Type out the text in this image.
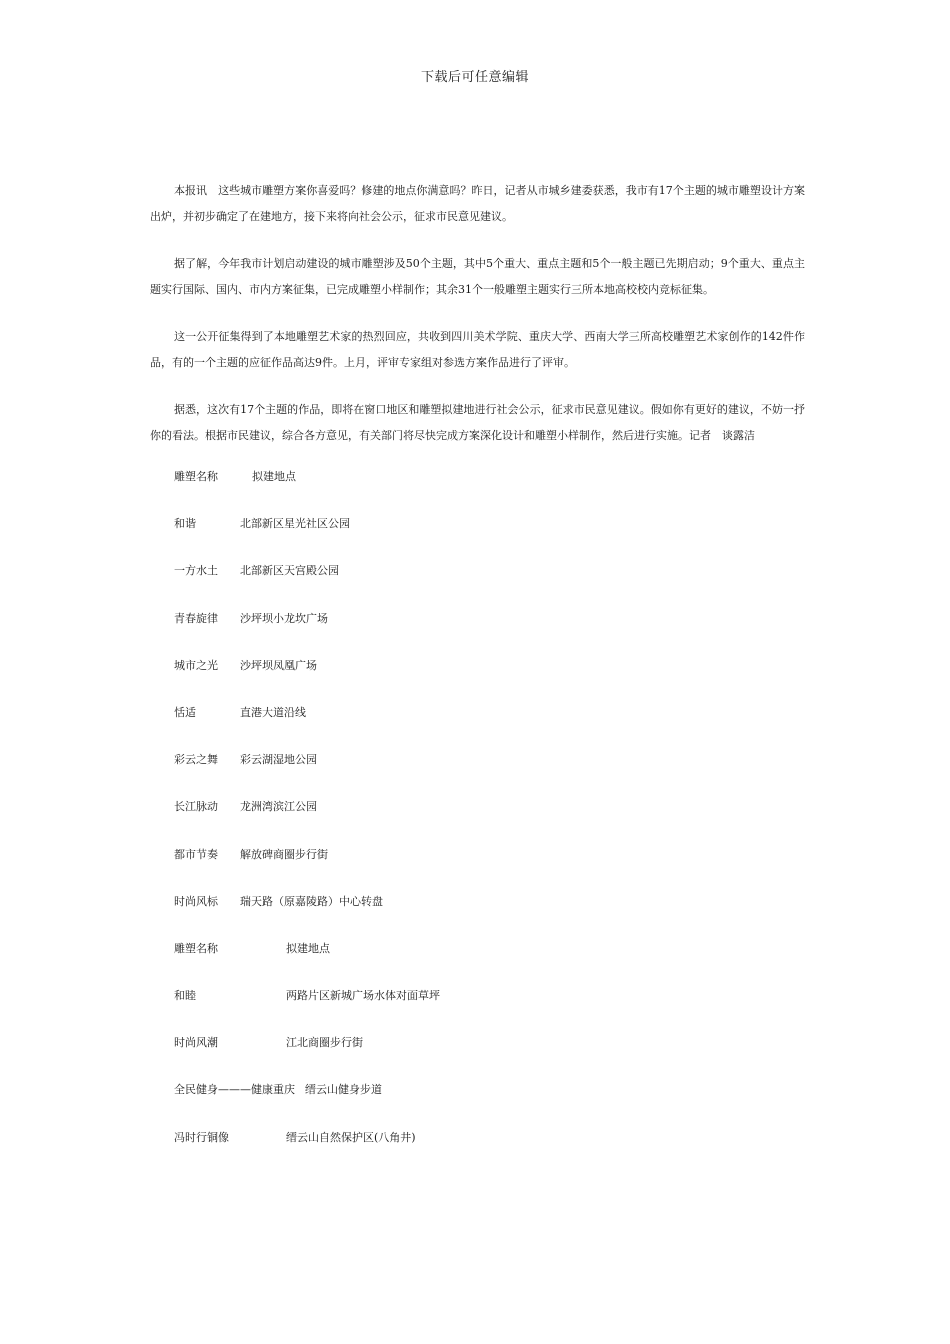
下载后可任意编辑

本报讯　这些城市雕塑方案你喜爱吗？修建的地点你满意吗？昨日，记者从市城乡建委获悉，我市有17个主题的城市雕塑设计方案出炉，并初步确定了在建地方，接下来将向社会公示，征求市民意见建议。

据了解，今年我市计划启动建设的城市雕塑涉及50个主题，其中5个重大、重点主题和5个一般主题已先期启动；9个重大、重点主题实行国际、国内、市内方案征集，已完成雕塑小样制作；其余31个一般雕塑主题实行三所本地高校校内竞标征集。

这一公开征集得到了本地雕塑艺术家的热烈回应，共收到四川美术学院、重庆大学、西南大学三所高校雕塑艺术家创作的142件作品，有的一个主题的应征作品高达9件。上月，评审专家组对参选方案作品进行了评审。

据悉，这次有17个主题的作品，即将在窗口地区和雕塑拟建地进行社会公示，征求市民意见建议。假如你有更好的建议，不妨一抒你的看法。根据市民建议，综合各方意见，有关部门将尽快完成方案深化设计和雕塑小样制作，然后进行实施。记者　谈露洁

雕塑名称	拟建地点
和谐	北部新区星光社区公园
一方水土 北部新区天宫殿公园
青春旋律 沙坪坝小龙坎广场
城市之光 沙坪坝凤凰广场
恬适	直港大道沿线
彩云之舞 彩云湖湿地公园
长江脉动 龙洲湾滨江公园
都市节奏 解放碑商圈步行街
时尚风标 瑞天路（原嘉陵路）中心转盘
雕塑名称	拟建地点
和睦	两路片区新城广场水体对面草坪
时尚风潮	江北商圈步行街
全民健身———健康重庆 缙云山健身步道
冯时行铜像	缙云山自然保护区(八角井)
